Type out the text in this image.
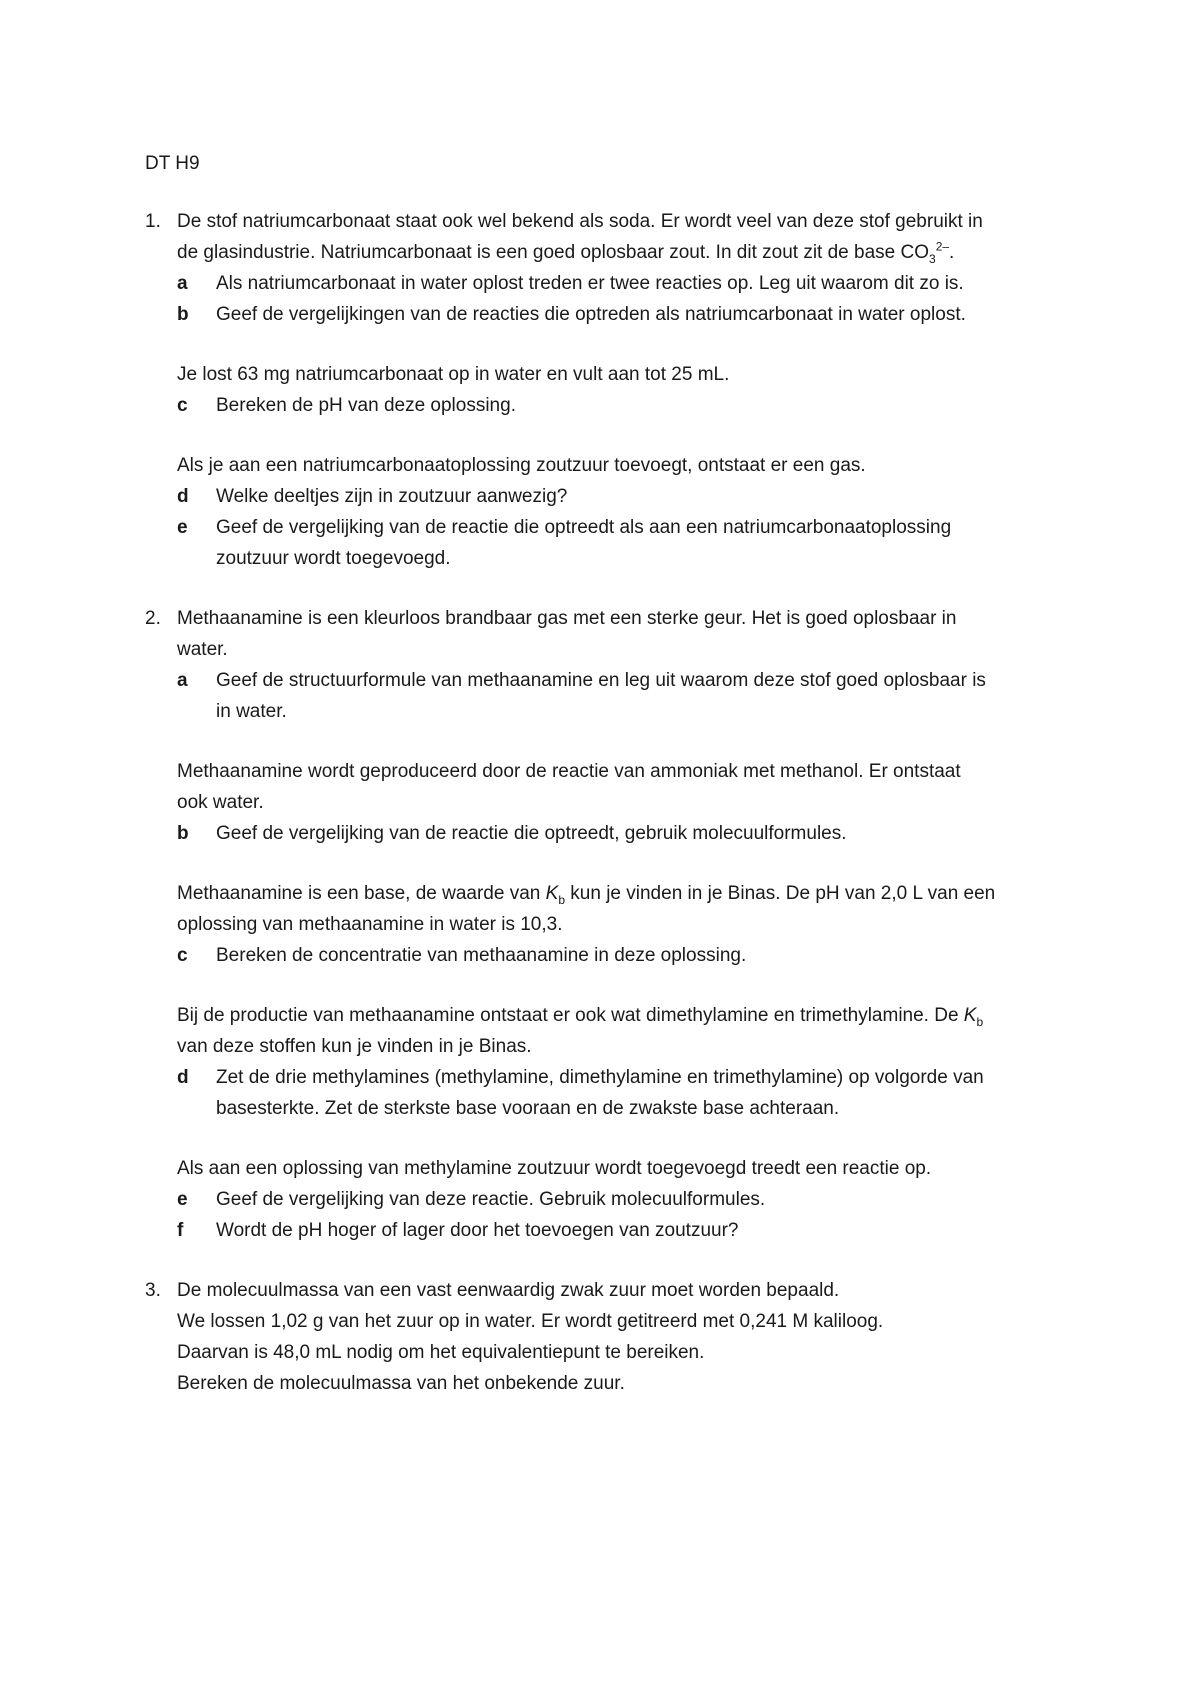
DT H9
1. De stof natriumcarbonaat staat ook wel bekend als soda. Er wordt veel van deze stof gebruikt in
de glasindustrie. Natriumcarbonaat is een goed oplosbaar zout. In dit zout zit de base $CO_3^{2-}$.
a Als natriumcarbonaat in water oplost treden er twee reacties op. Leg uit waarom dit zo is.
b Geef de vergelijkingen van de reacties die optreden als natriumcarbonaat in water oplost.
Je lost 63 mg natriumcarbonaat op in water en vult aan tot 25 mL.
c Bereken de pH van deze oplossing.
Als je aan een natriumcarbonaatoplossing zoutzuur toevoegt, ontstaat er een gas.
d Welke deeltjes zijn in zoutzuur aanwezig?
e Geef de vergelijking van de reactie die optreedt als aan een natriumcarbonaatoplossing
zoutzuur wordt toegevoegd.
2. Methaanamine is een kleurloos brandbaar gas met een sterke geur. Het is goed oplosbaar in
water.
a Geef de structuurformule van methaanamine en leg uit waarom deze stof goed oplosbaar is
in water.
Methaanamine wordt geproduceerd door de reactie van ammoniak met methanol. Er ontstaat
ook water.
b Geef de vergelijking van de reactie die optreedt, gebruik molecuulformules.
Methaanamine is een base, de waarde van $K_b$ kun je vinden in je Binas. De pH van 2,0 L van een
oplossing van methaanamine in water is 10,3.
c Bereken de concentratie van methaanamine in deze oplossing.
Bij de productie van methaanamine ontstaat er ook wat dimethylamine en trimethylamine. De $K_b$
van deze stoffen kun je vinden in je Binas.
d Zet de drie methylamines (methylamine, dimethylamine en trimethylamine) op volgorde van
basesterkte. Zet de sterkste base vooraan en de zwakste base achteraan.
Als aan een oplossing van methylamine zoutzuur wordt toegevoegd treedt een reactie op.
e Geef de vergelijking van deze reactie. Gebruik molecuulformules.
f Wordt de pH hoger of lager door het toevoegen van zoutzuur?
3. De molecuulmassa van een vast eenwaardig zwak zuur moet worden bepaald.
We lossen 1,02 g van het zuur op in water. Er wordt getitreerd met 0,241 M kaliloog.
Daarvan is 48,0 mL nodig om het equivalentiepunt te bereiken.
Bereken de molecuulmassa van het onbekende zuur.
